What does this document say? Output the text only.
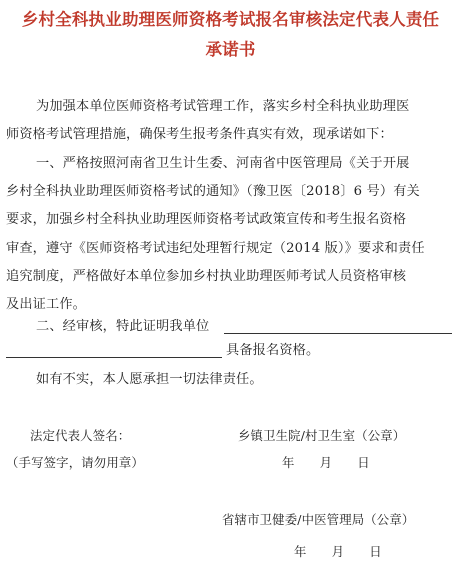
乡村全科执业助理医师资格考试报名审核法定代表人责任
承诺书
为加强本单位医师资格考试管理工作，落实乡村全科执业助理医
师资格考试管理措施，确保考生报考条件真实有效，现承诺如下：
一、严格按照河南省卫生计生委、河南省中医管理局《关于开展
乡村全科执业助理医师资格考试的通知》（豫卫医〔2018〕6 号）有关
要求，加强乡村全科执业助理医师资格考试政策宣传和考生报名资格
审查，遵守《医师资格考试违纪处理暂行规定（2014 版）》要求和责任
追究制度，严格做好本单位参加乡村执业助理医师考试人员资格审核
及出证工作。
二、经审核，特此证明我单位
具备报名资格。
如有不实，本人愿承担一切法律责任。
法定代表人签名：	乡镇卫生院/村卫生室（公章）
（手写签字，请勿用章）	年　　月　　日
省辖市卫健委/中医管理局（公章）
年　　月　　日
